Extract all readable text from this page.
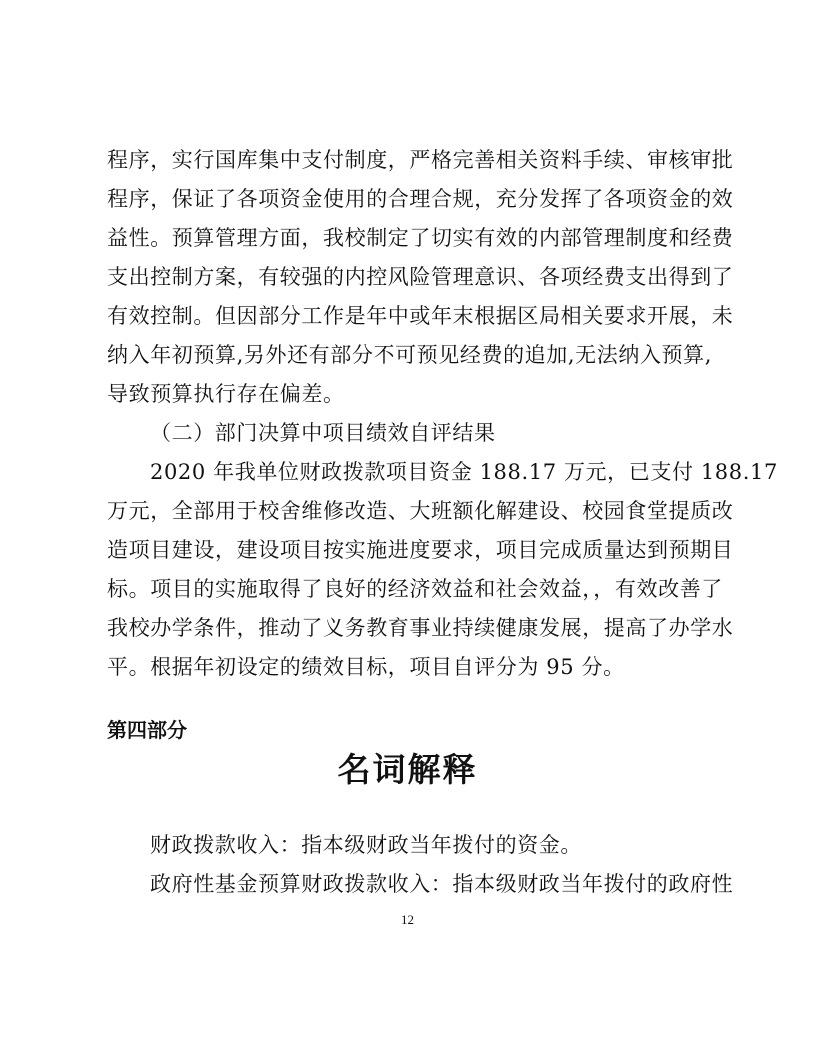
程序，实行国库集中支付制度，严格完善相关资料手续、审核审批
程序，保证了各项资金使用的合理合规，充分发挥了各项资金的效
益性。预算管理方面，我校制定了切实有效的内部管理制度和经费
支出控制方案，有较强的内控风险管理意识、各项经费支出得到了
有效控制。但因部分工作是年中或年末根据区局相关要求开展，未
纳入年初预算,另外还有部分不可预见经费的追加,无法纳入预算,
导致预算执行存在偏差。
（二）部门决算中项目绩效自评结果
2020 年我单位财政拨款项目资金 188.17 万元，已支付 188.17
万元，全部用于校舍维修改造、大班额化解建设、校园食堂提质改
造项目建设，建设项目按实施进度要求，项目完成质量达到预期目
标。项目的实施取得了良好的经济效益和社会效益，，有效改善了
我校办学条件，推动了义务教育事业持续健康发展，提高了办学水
平。根据年初设定的绩效目标，项目自评分为 95 分。
第四部分
名词解释
财政拨款收入：指本级财政当年拨付的资金。
政府性基金预算财政拨款收入：指本级财政当年拨付的政府性
12
